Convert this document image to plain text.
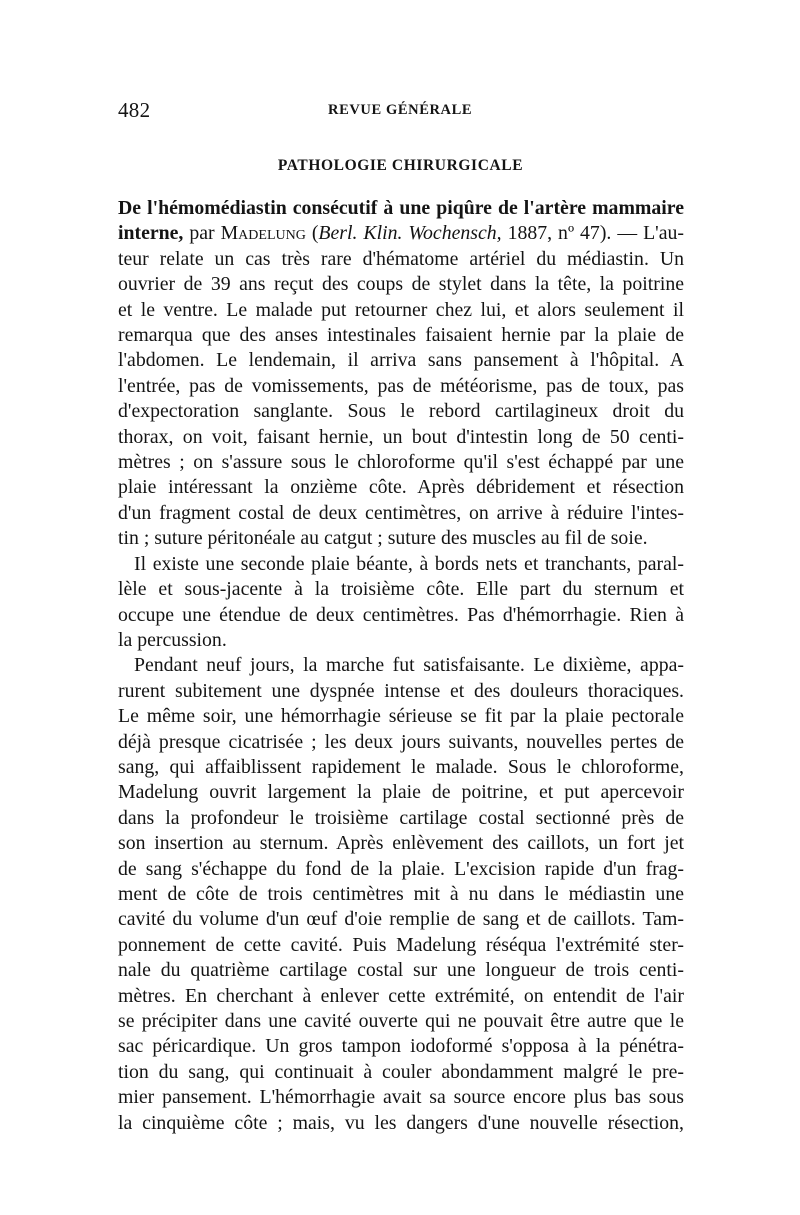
482	REVUE GÉNÉRALE
PATHOLOGIE CHIRURGICALE
De l'hémomédiastin consécutif à une piqûre de l'artère mammaire
interne, par Madelung (Berl. Klin. Wochensch, 1887, nº 47). — L'au-
teur relate un cas très rare d'hématome artériel du médiastin. Un
ouvrier de 39 ans reçut des coups de stylet dans la tête, la poitrine
et le ventre. Le malade put retourner chez lui, et alors seulement il
remarqua que des anses intestinales faisaient hernie par la plaie de
l'abdomen. Le lendemain, il arriva sans pansement à l'hôpital. A
l'entrée, pas de vomissements, pas de météorisme, pas de toux, pas
d'expectoration sanglante. Sous le rebord cartilagineux droit du
thorax, on voit, faisant hernie, un bout d'intestin long de 50 centi-
mètres ; on s'assure sous le chloroforme qu'il s'est échappé par une
plaie intéressant la onzième côte. Après débridement et résection
d'un fragment costal de deux centimètres, on arrive à réduire l'intes-
tin ; suture péritonéale au catgut ; suture des muscles au fil de soie.
Il existe une seconde plaie béante, à bords nets et tranchants, paral-
lèle et sous-jacente à la troisième côte. Elle part du sternum et
occupe une étendue de deux centimètres. Pas d'hémorrhagie. Rien à
la percussion.
Pendant neuf jours, la marche fut satisfaisante. Le dixième, appa-
rurent subitement une dyspnée intense et des douleurs thoraciques.
Le même soir, une hémorrhagie sérieuse se fit par la plaie pectorale
déjà presque cicatrisée ; les deux jours suivants, nouvelles pertes de
sang, qui affaiblissent rapidement le malade. Sous le chloroforme,
Madelung ouvrit largement la plaie de poitrine, et put apercevoir
dans la profondeur le troisième cartilage costal sectionné près de
son insertion au sternum. Après enlèvement des caillots, un fort jet
de sang s'échappe du fond de la plaie. L'excision rapide d'un frag-
ment de côte de trois centimètres mit à nu dans le médiastin une
cavité du volume d'un œuf d'oie remplie de sang et de caillots. Tam-
ponnement de cette cavité. Puis Madelung réséqua l'extrémité ster-
nale du quatrième cartilage costal sur une longueur de trois centi-
mètres. En cherchant à enlever cette extrémité, on entendit de l'air
se précipiter dans une cavité ouverte qui ne pouvait être autre que le
sac péricardique. Un gros tampon iodoformé s'opposa à la pénétra-
tion du sang, qui continuait à couler abondamment malgré le pre-
mier pansement. L'hémorrhagie avait sa source encore plus bas sous
la cinquième côte ; mais, vu les dangers d'une nouvelle résection,
